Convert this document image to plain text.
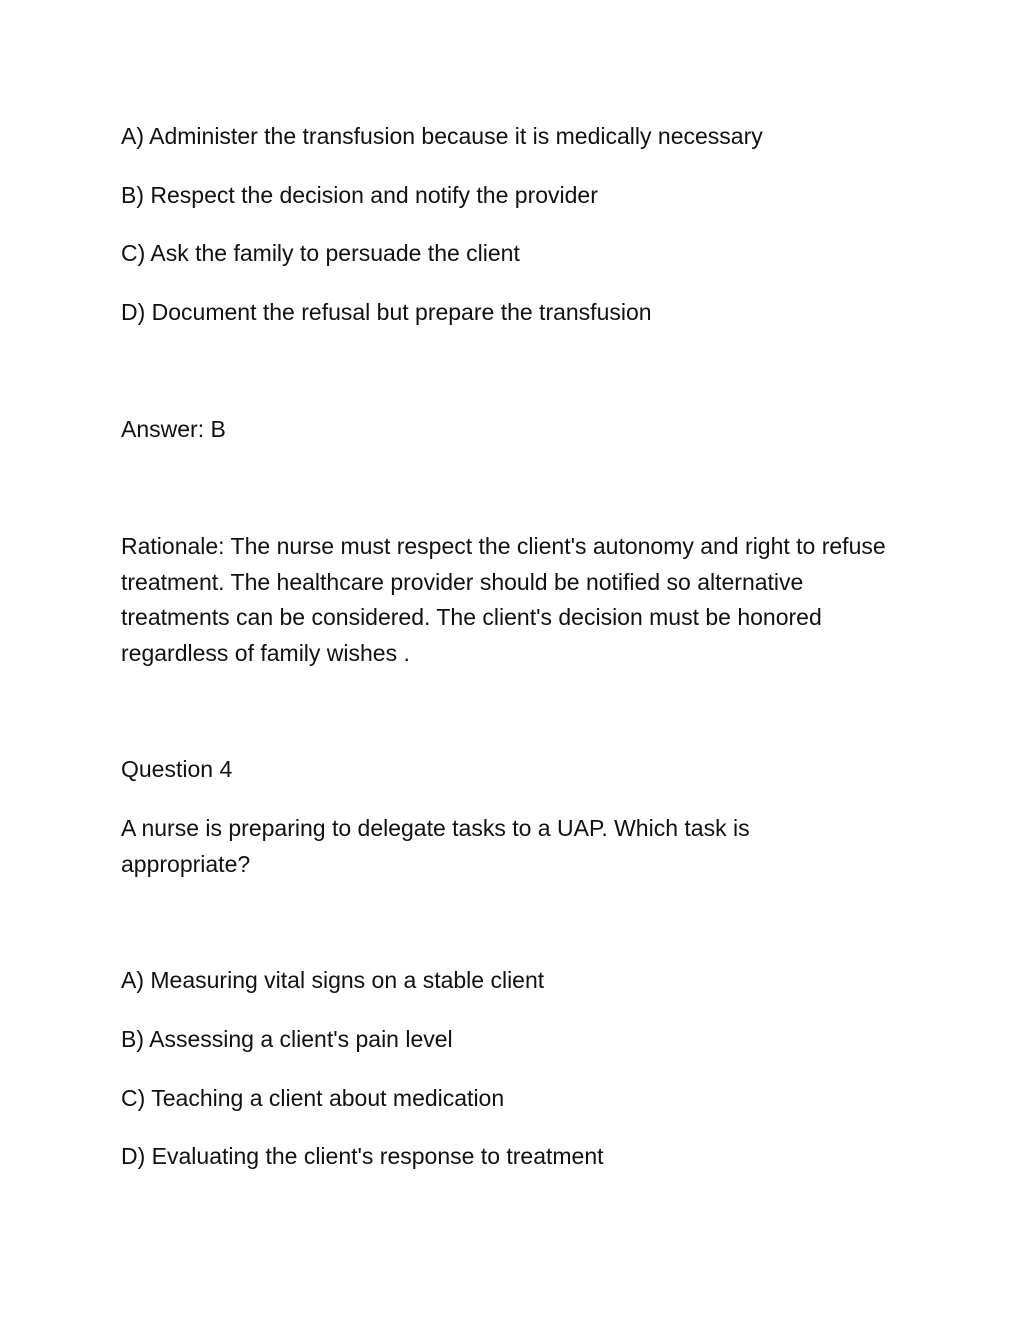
A) Administer the transfusion because it is medically necessary

B) Respect the decision and notify the provider

C) Ask the family to persuade the client

D) Document the refusal but prepare the transfusion

Answer: B

Rationale: The nurse must respect the client's autonomy and right to refuse treatment. The healthcare provider should be notified so alternative treatments can be considered. The client's decision must be honored regardless of family wishes .

Question 4

A nurse is preparing to delegate tasks to a UAP. Which task is appropriate?

A) Measuring vital signs on a stable client

B) Assessing a client's pain level

C) Teaching a client about medication

D) Evaluating the client's response to treatment
